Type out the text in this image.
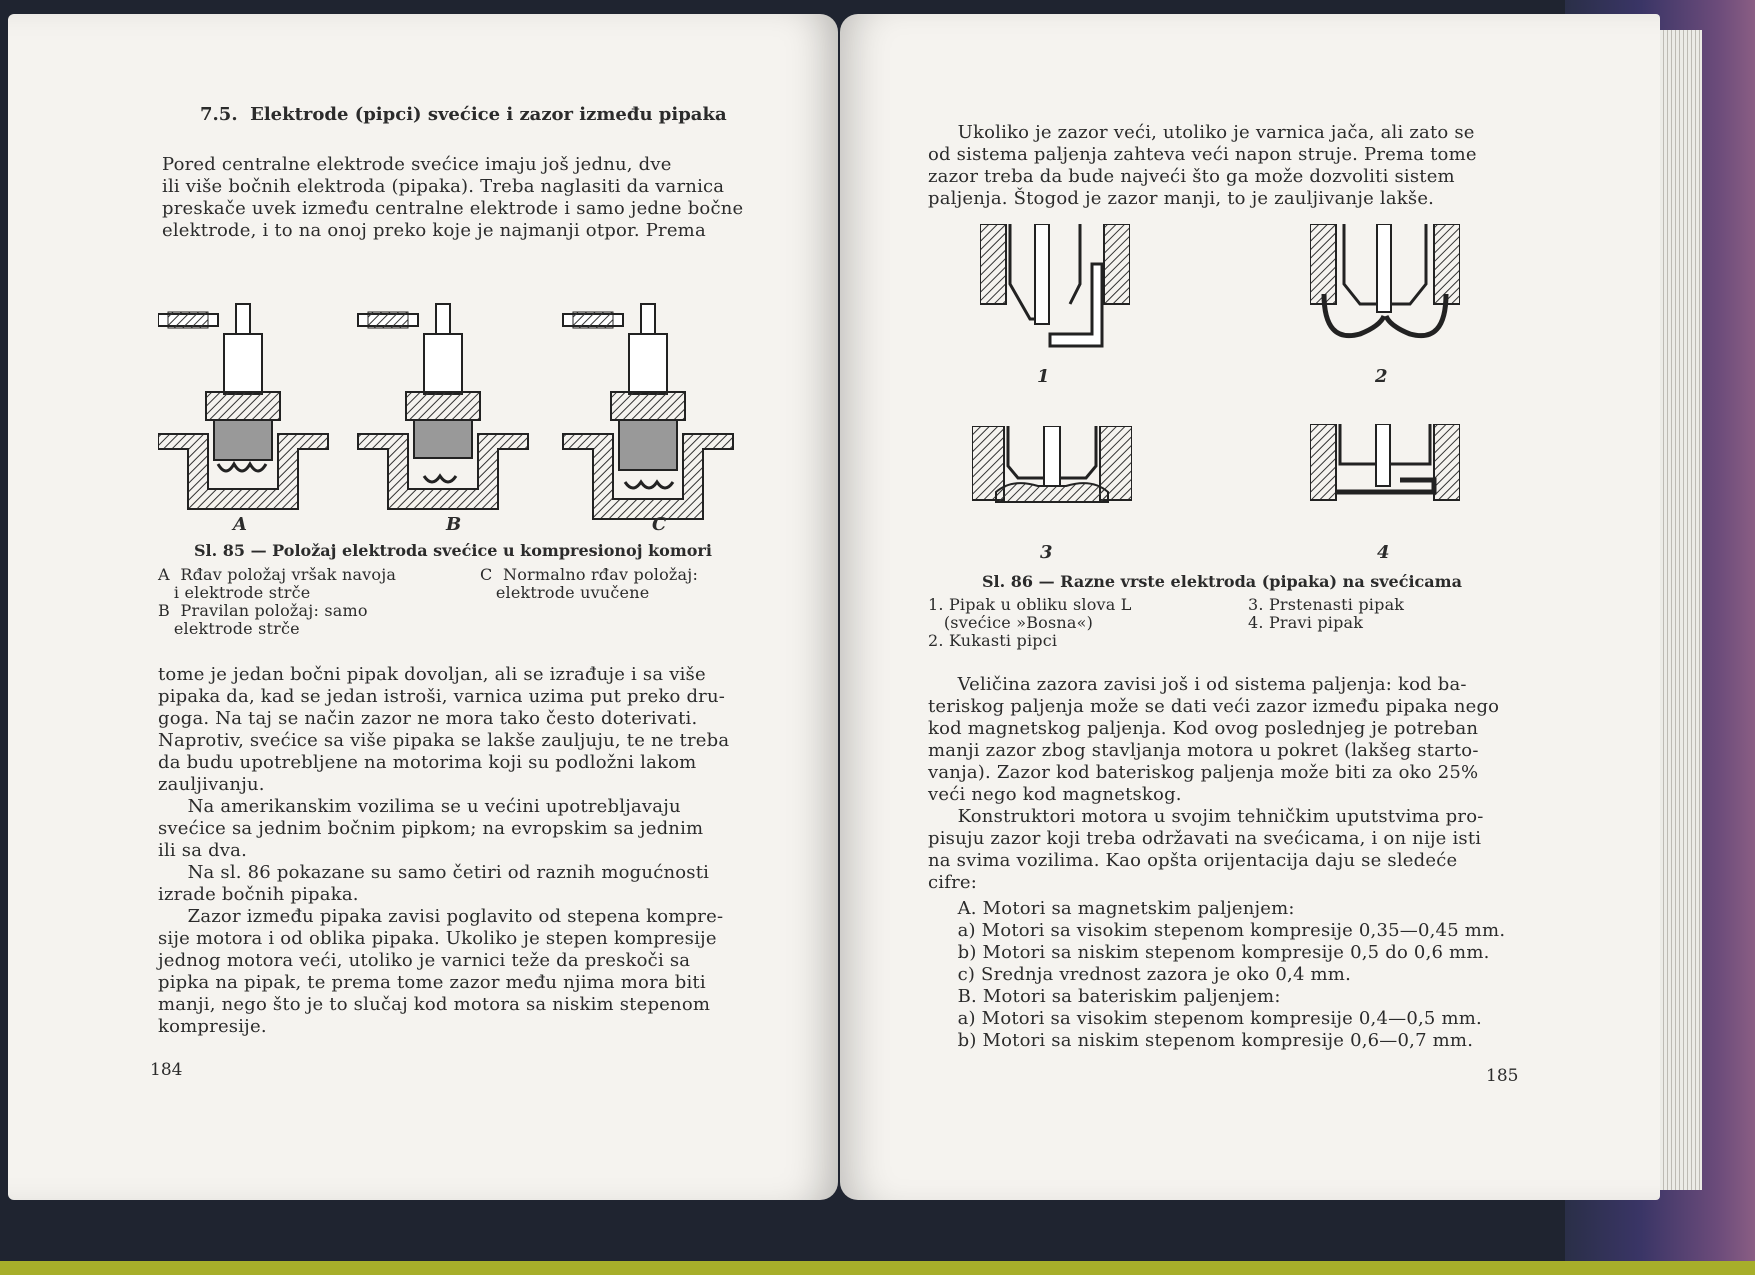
7.5.  Elektrode (pipci) svećice i zazor između pipaka
Pored centralne elektrode svećice imaju još jednu, dve
ili više bočnih elektroda (pipaka). Treba naglasiti da varnica
preskače uvek između centralne elektrode i samo jedne bočne
elektrode, i to na onoj preko koje je najmanji otpor. Prema
A	B	C
Sl. 85 — Položaj elektroda svećice u kompresionoj komori
A  Rđav položaj vršak navoja
i elektrode strče
B  Pravilan položaj: samo
elektrode strče
C  Normalno rđav položaj:
elektrode uvučene
tome je jedan bočni pipak dovoljan, ali se izrađuje i sa više
pipaka da, kad se jedan istroši, varnica uzima put preko dru-
goga. Na taj se način zazor ne mora tako često doterivati.
Naprotiv, svećice sa više pipaka se lakše zauljuju, te ne treba
da budu upotrebljene na motorima koji su podložni lakom
zauljivanju.
Na amerikanskim vozilima se u većini upotrebljavaju
svećice sa jednim bočnim pipkom; na evropskim sa jednim
ili sa dva.
Na sl. 86 pokazane su samo četiri od raznih mogućnosti
izrade bočnih pipaka.
Zazor između pipaka zavisi poglavito od stepena kompre-
sije motora i od oblika pipaka. Ukoliko je stepen kompresije
jednog motora veći, utoliko je varnici teže da preskoči sa
pipka na pipak, te prema tome zazor među njima mora biti
manji, nego što je to slučaj kod motora sa niskim stepenom
kompresije.
184
Ukoliko je zazor veći, utoliko je varnica jača, ali zato se
od sistema paljenja zahteva veći napon struje. Prema tome
zazor treba da bude najveći što ga može dozvoliti sistem
paljenja. Štogod je zazor manji, to je zauljivanje lakše.
1	2
3	4
Sl. 86 — Razne vrste elektroda (pipaka) na svećicama
1. Pipak u obliku slova L
(svećice »Bosna«)
2. Kukasti pipci
3. Prstenasti pipak
4. Pravi pipak
Veličina zazora zavisi još i od sistema paljenja: kod ba-
teriskog paljenja može se dati veći zazor između pipaka nego
kod magnetskog paljenja. Kod ovog poslednjeg je potreban
manji zazor zbog stavljanja motora u pokret (lakšeg starto-
vanja). Zazor kod bateriskog paljenja može biti za oko 25%
veći nego kod magnetskog.
Konstruktori motora u svojim tehničkim uputstvima pro-
pisuju zazor koji treba održavati na svećicama, i on nije isti
na svima vozilima. Kao opšta orijentacija daju se sledeće
cifre:
A. Motori sa magnetskim paljenjem:
a) Motori sa visokim stepenom kompresije 0,35—0,45 mm.
b) Motori sa niskim stepenom kompresije 0,5 do 0,6 mm.
c) Srednja vrednost zazora je oko 0,4 mm.
B. Motori sa bateriskim paljenjem:
a) Motori sa visokim stepenom kompresije 0,4—0,5 mm.
b) Motori sa niskim stepenom kompresije 0,6—0,7 mm.
185
